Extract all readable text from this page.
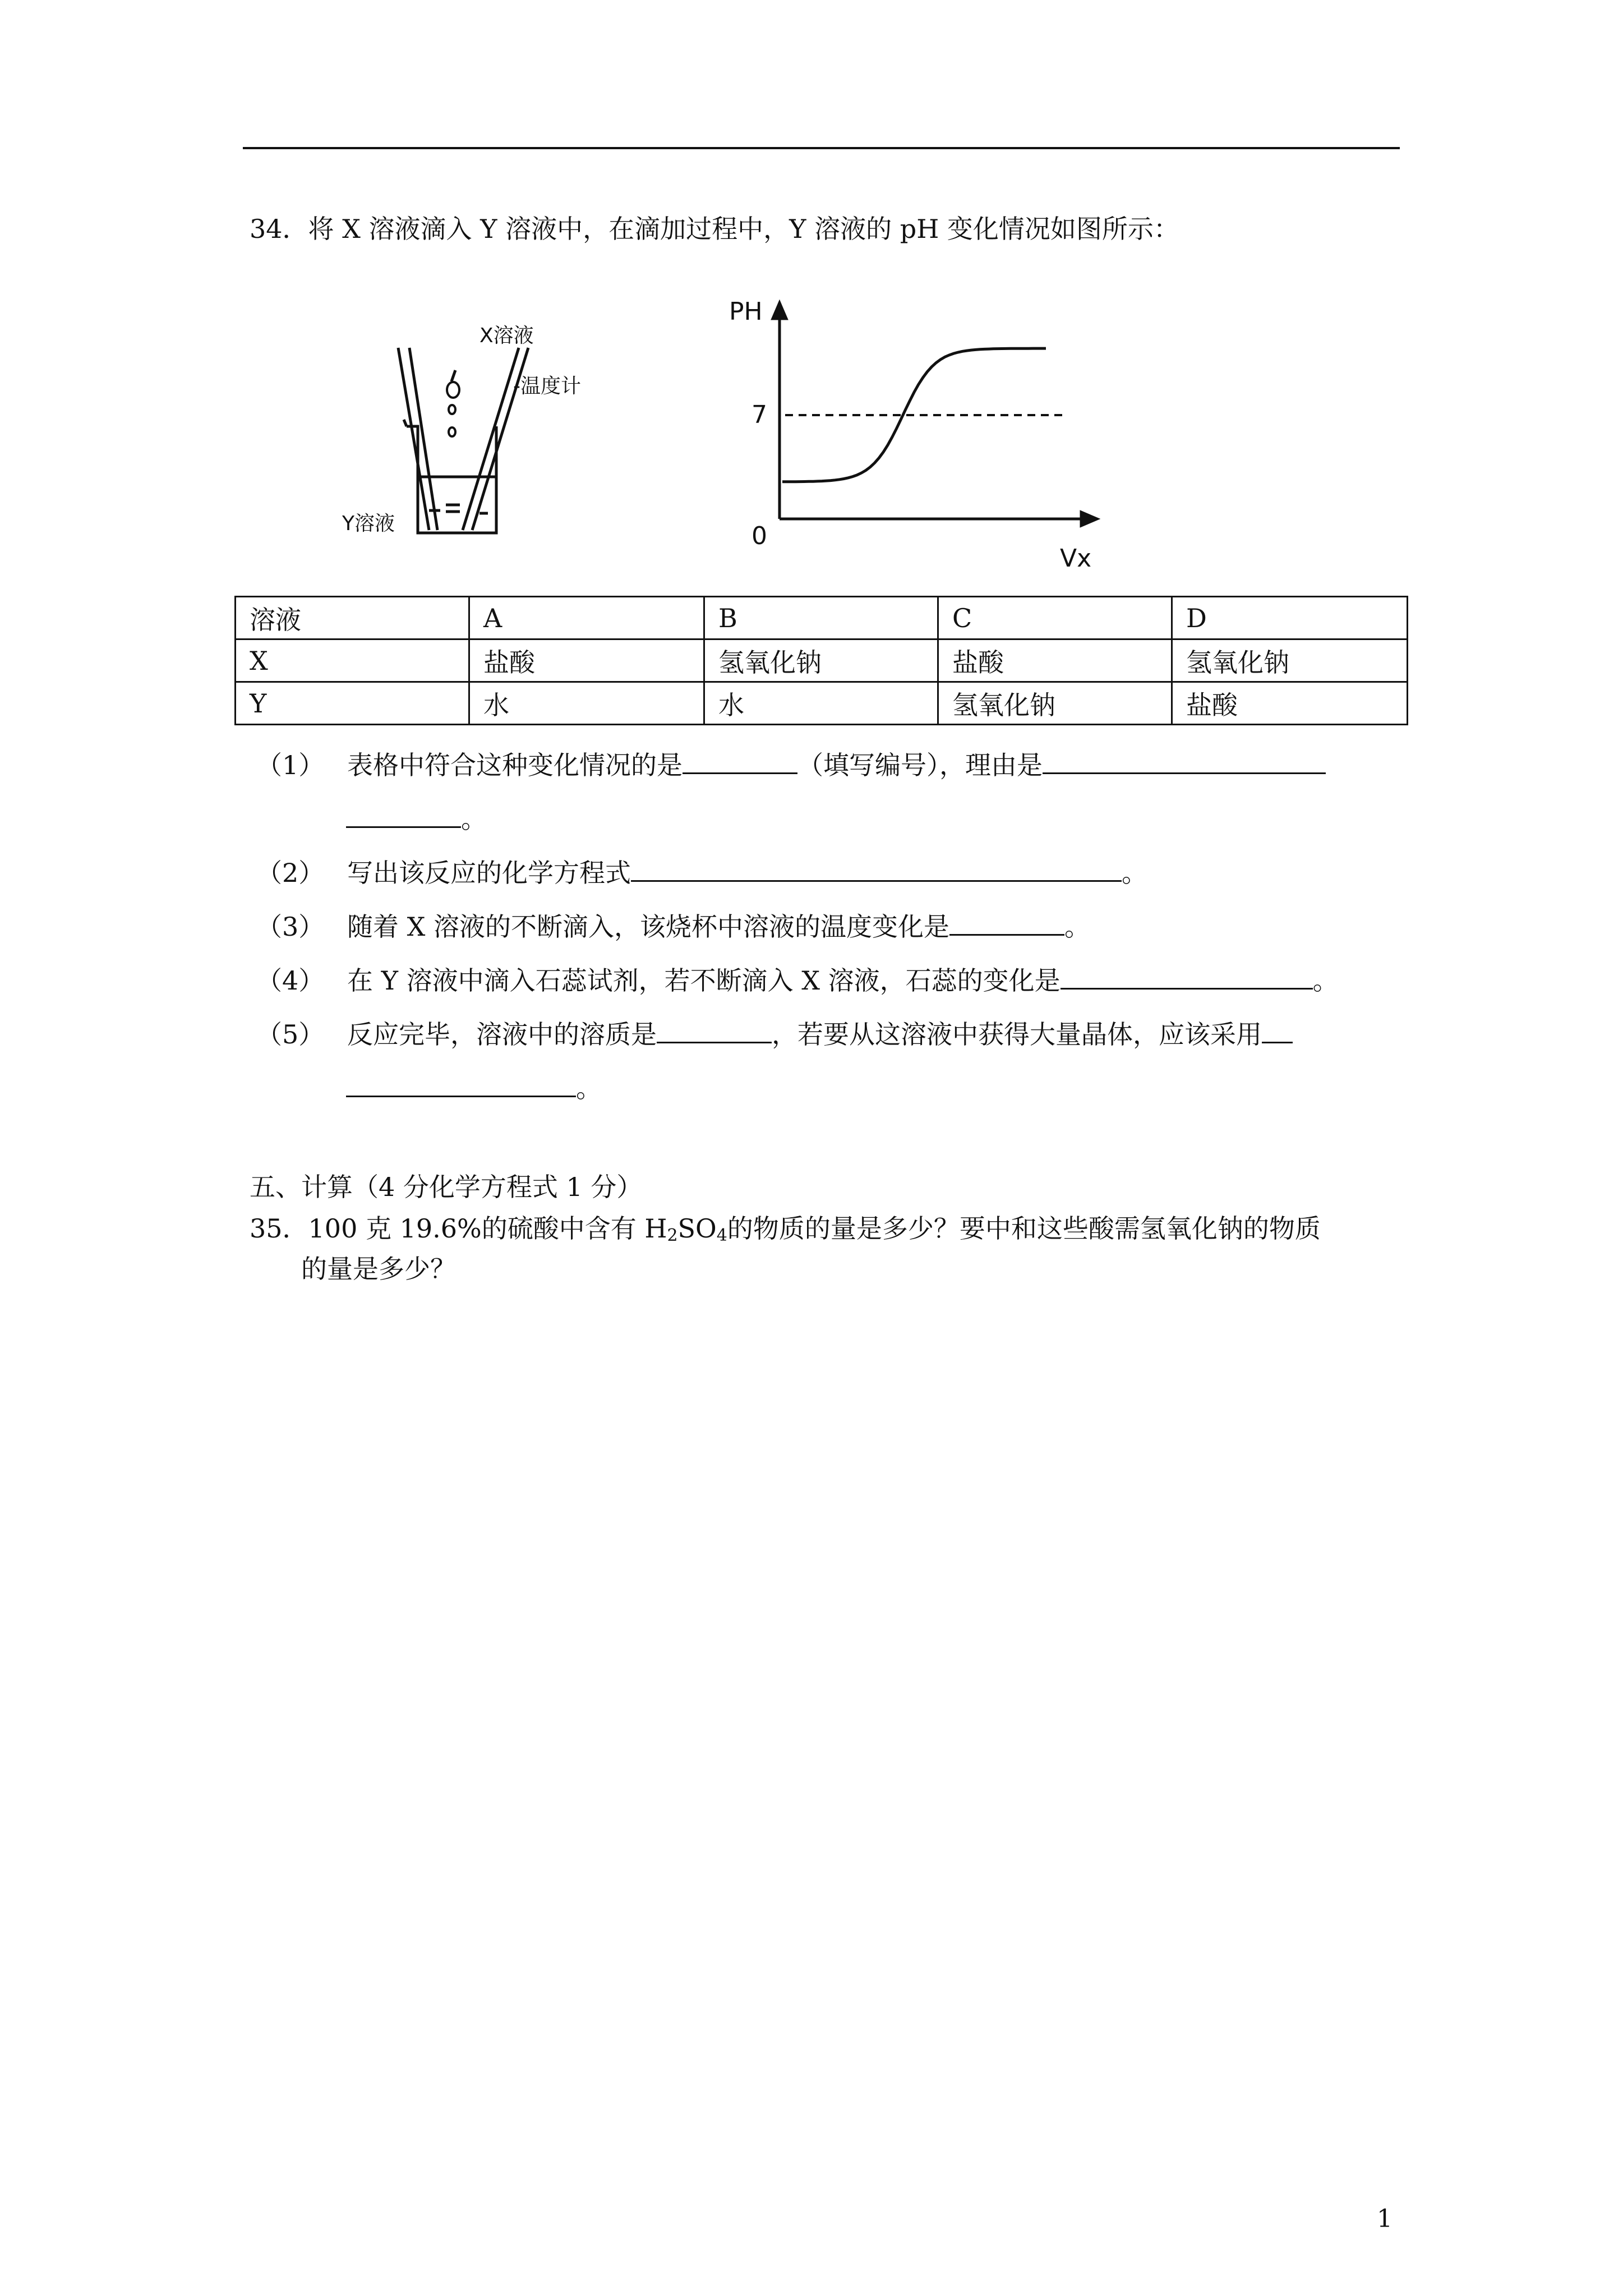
34．将 X 溶液滴入 Y 溶液中，在滴加过程中，Y 溶液的 pH 变化情况如图所示：
X溶液
-温度计
Y溶液
PH
7
0
Vx
溶液	A	B	C	D
X	盐酸	氢氧化钠	盐酸	氢氧化钠
Y	水	水	氢氧化钠	盐酸
（1） 表格中符合这种变化情况的是	（填写编号），理由是
。
（2） 写出该反应的化学方程式	。
（3） 随着 X 溶液的不断滴入，该烧杯中溶液的温度变化是	。
（4） 在 Y 溶液中滴入石蕊试剂，若不断滴入 X 溶液，石蕊的变化是	。
（5） 反应完毕，溶液中的溶质是	，若要从这溶液中获得大量晶体，应该采用
。
五、计算（4 分化学方程式 1 分）
35．100 克 19.6%的硫酸中含有 $H_2SO_4$的物质的量是多少？要中和这些酸需氢氧化钠的物质
的量是多少？
1
